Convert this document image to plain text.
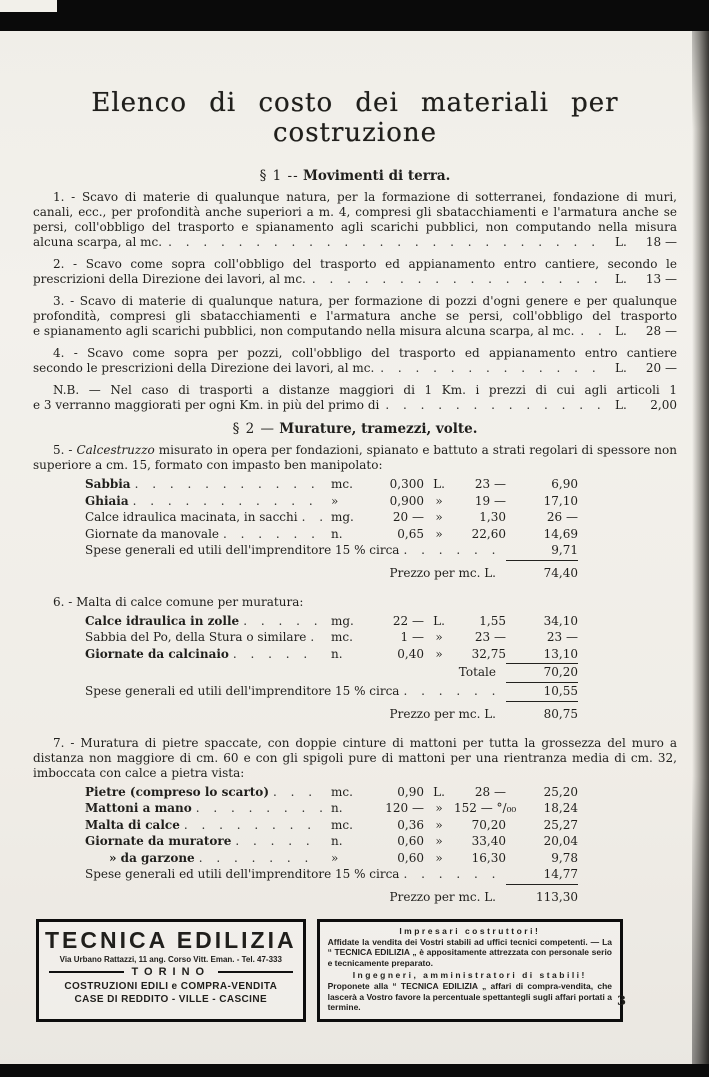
3
Elenco di costo dei materiali per costruzione
§ 1 -- Movimenti di terra.
1. - Scavo di materie di qualunque natura, per la formazione di sotterranei, fondazione di muri, canali, ecc., per profondità anche superiori a m. 4, compresi gli sbatacchiamenti e l'armatura anche se persi, coll'obbligo del trasporto e spianamento agli scarichi pubblici, non computando nella misura
alcuna scarpa, al mc. . . .	L.	18 —
2. - Scavo come sopra coll'obbligo del trasporto ed appianamento entro cantiere, secondo le
prescrizioni della Direzione dei lavori, al mc. . . .	L.	13 —
3. - Scavo di materie di qualunque natura, per formazione di pozzi d'ogni genere e per qualunque profondità, compresi gli sbatacchiamenti e l'armatura anche se persi, coll'obbligo del trasporto
e spianamento agli scarichi pubblici, non computando nella misura alcuna scarpa, al mc. . . .	L.	28 —
4. - Scavo come sopra per pozzi, coll'obbligo del trasporto ed appianamento entro cantiere
secondo le prescrizioni della Direzione dei lavori, al mc. . . .	L.	20 —
N.B. — Nel caso di trasporti a distanze maggiori di 1 Km. i prezzi di cui agli articoli 1
e 3 verranno maggiorati per ogni Km. in più del primo di . . .	L.	2,00
§ 2 — Murature, tramezzi, volte.
5. - Calcestruzzo misurato in opera per fondazioni, spianato e battuto a strati regolari di spessore non superiore a cm. 15, formato con impasto ben manipolato:
Sabbia . . .	mc.	0,300 L.	23 —	6,90
Ghiaia . . .	»	0,900 »	19 —	17,10
Calce idraulica macinata, in sacchi . . .	mg.	20 — »	1,30	26 —
Giornate da manovale . . .	n.	0,65 »	22,60	14,69
Spese generali ed utili dell'imprenditore 15 % circa . . .	9,71
Prezzo per mc. L.	74,40
6. - Malta di calce comune per muratura:
Calce idraulica in zolle . . .	mg.	22 — L.	1,55	34,10
Sabbia del Po, della Stura o similare . . .	mc.	1 — »	23 —	23 —
Giornate da calcinaio . . .	n.	0,40 »	32,75	13,10
Totale	70,20
Spese generali ed utili dell'imprenditore 15 % circa . . .	10,55
Prezzo per mc. L.	80,75
7. - Muratura di pietre spaccate, con doppie cinture di mattoni per tutta la grossezza del muro a distanza non maggiore di cm. 60 e con gli spigoli pure di mattoni per una rientranza media di cm. 32, imboccata con calce a pietra vista:
Pietre (compreso lo scarto) . . .	mc.	0,90 L.	28 —	25,20
Mattoni a mano . . .	n.	120 — » 152 — °/₀₀	18,24
Malta di calce . . .	mc.	0,36 »	70,20	25,27
Giornate da muratore . . .	n.	0,60 »	33,40	20,04
» da garzone . . .	»	0,60 »	16,30	9,78
Spese generali ed utili dell'imprenditore 15 % circa . . .	14,77
Prezzo per mc. L.	113,30
TECNICA EDILIZIA
Via Urbano Rattazzi, 11 ang. Corso Vitt. Eman. - Tel. 47-333
TORINO
COSTRUZIONI EDILI e COMPRA-VENDITA
CASE DI REDDITO - VILLE - CASCINE
Impresari costruttori!

Affidate la vendita dei Vostri stabili ad uffici tecnici competenti. — La “ TECNICA EDILIZIA „ è appositamente attrezzata con personale serio e tecnicamente preparato.

Ingegneri, amministratori di stabili!

Proponete alla “ TECNICA EDILIZIA „ affari di compra-vendita, che lascerà a Vostro favore la percentuale spettantegli sugli affari portati a termine.
